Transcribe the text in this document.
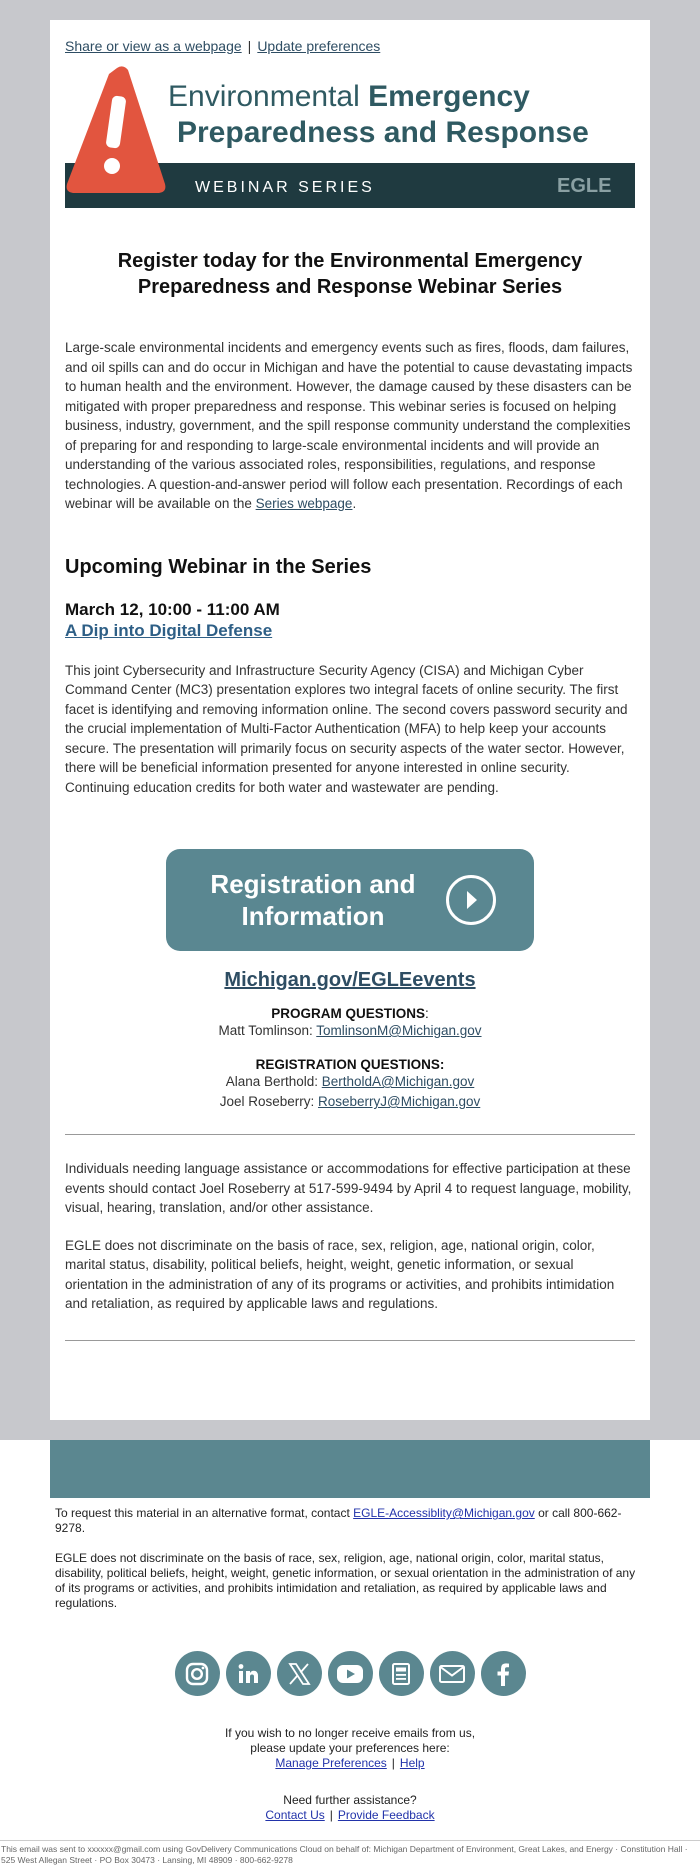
Share or view as a webpage | Update preferences
Environmental Emergency
Preparedness and Response
WEBINAR SERIES	EGLE
Register today for the Environmental Emergency Preparedness and Response Webinar Series

Large-scale environmental incidents and emergency events such as fires, floods, dam failures, and oil spills can and do occur in Michigan and have the potential to cause devastating impacts to human health and the environment. However, the damage caused by these disasters can be mitigated with proper preparedness and response. This webinar series is focused on helping business, industry, government, and the spill response community understand the complexities of preparing for and responding to large-scale environmental incidents and will provide an understanding of the various associated roles, responsibilities, regulations, and response technologies. A question-and-answer period will follow each presentation. Recordings of each webinar will be available on the Series webpage.

Upcoming Webinar in the Series
March 12, 10:00 - 11:00 AM
A Dip into Digital Defense

This joint Cybersecurity and Infrastructure Security Agency (CISA) and Michigan Cyber Command Center (MC3) presentation explores two integral facets of online security. The first facet is identifying and removing information online. The second covers password security and the crucial implementation of Multi-Factor Authentication (MFA) to help keep your accounts secure. The presentation will primarily focus on security aspects of the water sector. However, there will be beneficial information presented for anyone interested in online security. Continuing education credits for both water and wastewater are pending.

Registration and Information
Michigan.gov/EGLEevents
PROGRAM QUESTIONS:
Matt Tomlinson: TomlinsonM@Michigan.gov
REGISTRATION QUESTIONS:
Alana Berthold: BertholdA@Michigan.gov
Joel Roseberry: RoseberryJ@Michigan.gov

Individuals needing language assistance or accommodations for effective participation at these events should contact Joel Roseberry at 517-599-9494 by April 4 to request language, mobility, visual, hearing, translation, and/or other assistance.

EGLE does not discriminate on the basis of race, sex, religion, age, national origin, color, marital status, disability, political beliefs, height, weight, genetic information, or sexual orientation in the administration of any of its programs or activities, and prohibits intimidation and retaliation, as required by applicable laws and regulations.

To request this material in an alternative format, contact EGLE-Accessiblity@Michigan.gov or call 800-662-9278.

EGLE does not discriminate on the basis of race, sex, religion, age, national origin, color, marital status, disability, political beliefs, height, weight, genetic information, or sexual orientation in the administration of any of its programs or activities, and prohibits intimidation and retaliation, as required by applicable laws and regulations.

If you wish to no longer receive emails from us,
please update your preferences here:
Manage Preferences | Help
Need further assistance?
Contact Us | Provide Feedback
This email was sent to xxxxxx@gmail.com using GovDelivery Communications Cloud on behalf of: Michigan Department of Environment, Great Lakes, and Energy · Constitution Hall · 525 West Allegan Street · PO Box 30473 · Lansing, MI 48909 · 800-662-9278
